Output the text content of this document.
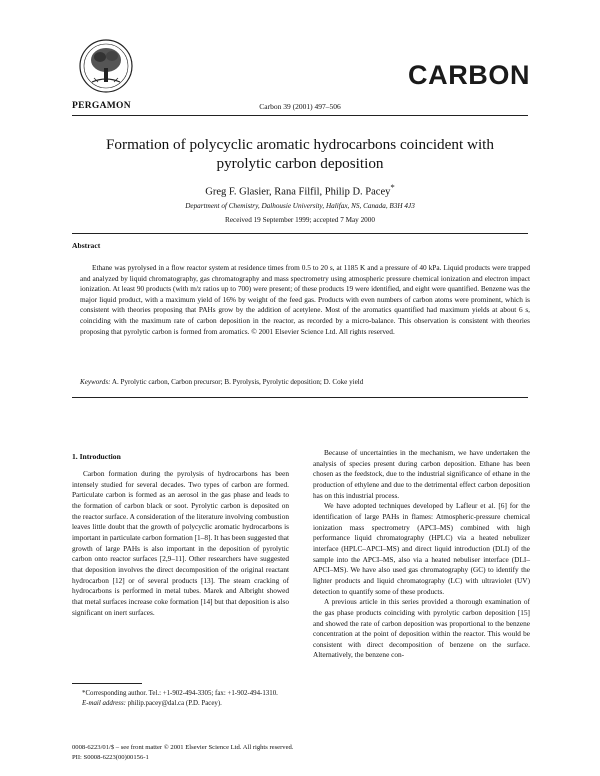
PERGAMON	Carbon 39 (2001) 497–506
CARBON
Formation of polycyclic aromatic hydrocarbons coincident with
pyrolytic carbon deposition
Greg F. Glasier, Rana Filfil, Philip D. Pacey*
Department of Chemistry, Dalhousie University, Halifax, NS, Canada, B3H 4J3
Received 19 September 1999; accepted 7 May 2000
Abstract
Ethane was pyrolysed in a flow reactor system at residence times from 0.5 to 20 s, at 1185 K and a pressure of 40 kPa. Liquid products were trapped and analyzed by liquid chromatography, gas chromatography and mass spectrometry using atmospheric pressure chemical ionization and electron impact ionization. At least 90 products (with m/z ratios up to 700) were present; of these products 19 were identified, and eight were quantified. Benzene was the major liquid product, with a maximum yield of 16% by weight of the feed gas. Products with even numbers of carbon atoms were prominent, which is consistent with theories proposing that PAHs grow by the addition of acetylene. Most of the aromatics quantified had maximum yields at about 6 s, coinciding with the maximum rate of carbon deposition in the reactor, as recorded by a micro-balance. This observation is consistent with theories proposing that pyrolytic carbon is formed from aromatics. © 2001 Elsevier Science Ltd. All rights reserved.
Keywords: A. Pyrolytic carbon, Carbon precursor; B. Pyrolysis, Pyrolytic deposition; D. Coke yield
1. Introduction

Carbon formation during the pyrolysis of hydrocarbons has been intensely studied for several decades. Two types of carbon are formed. Particulate carbon is formed as an aerosol in the gas phase and leads to the formation of carbon black or soot. Pyrolytic carbon is deposited on the reactor surface. A consideration of the literature involving combustion leaves little doubt that the growth of polycyclic aromatic hydrocarbons is important in particulate carbon formation [1–8]. It has been suggested that growth of large PAHs is also important in the deposition of pyrolytic carbon onto reactor surfaces [2,9–11]. Other researchers have suggested that deposition involves the direct decomposition of the original reactant hydrocarbon [12] or of several products [13]. The steam cracking of hydrocarbons is performed in metal tubes. Marek and Albright showed that metal surfaces increase coke formation [14] but that deposition is also significant on inert surfaces.

Because of uncertainties in the mechanism, we have undertaken the analysis of species present during carbon deposition. Ethane has been chosen as the feedstock, due to the industrial significance of ethane in the production of ethylene and due to the detrimental effect carbon deposition has on this industrial process.

We have adopted techniques developed by Lafleur et al. [6] for the identification of large PAHs in flames: Atmospheric-pressure chemical ionization mass spectrometry (APCI–MS) combined with high performance liquid chromatography (HPLC) via a heated nebulizer interface (HPLC–APCI–MS) and direct liquid introduction (DLI) of the sample into the APCI–MS, also via a heated nebuliser interface (DLI–APCI–MS). We have also used gas chromatography (GC) to identify the lighter products and liquid chromatography (LC) with ultraviolet (UV) detection to quantify some of these products.

A previous article in this series provided a thorough examination of the gas phase products coinciding with pyrolytic carbon deposition [15] and showed the rate of carbon deposition was proportional to the benzene concentration at the point of deposition within the reactor. This would be consistent with direct decomposition of benzene on the surface. Alternatively, the benzene con-

*Corresponding author. Tel.: +1-902-494-3305; fax: +1-902-494-1310.

E-mail address: philip.pacey@dal.ca (P.D. Pacey).

0008-6223/01/$ – see front matter © 2001 Elsevier Science Ltd. All rights reserved.
PII: S0008-6223(00)00156-1
